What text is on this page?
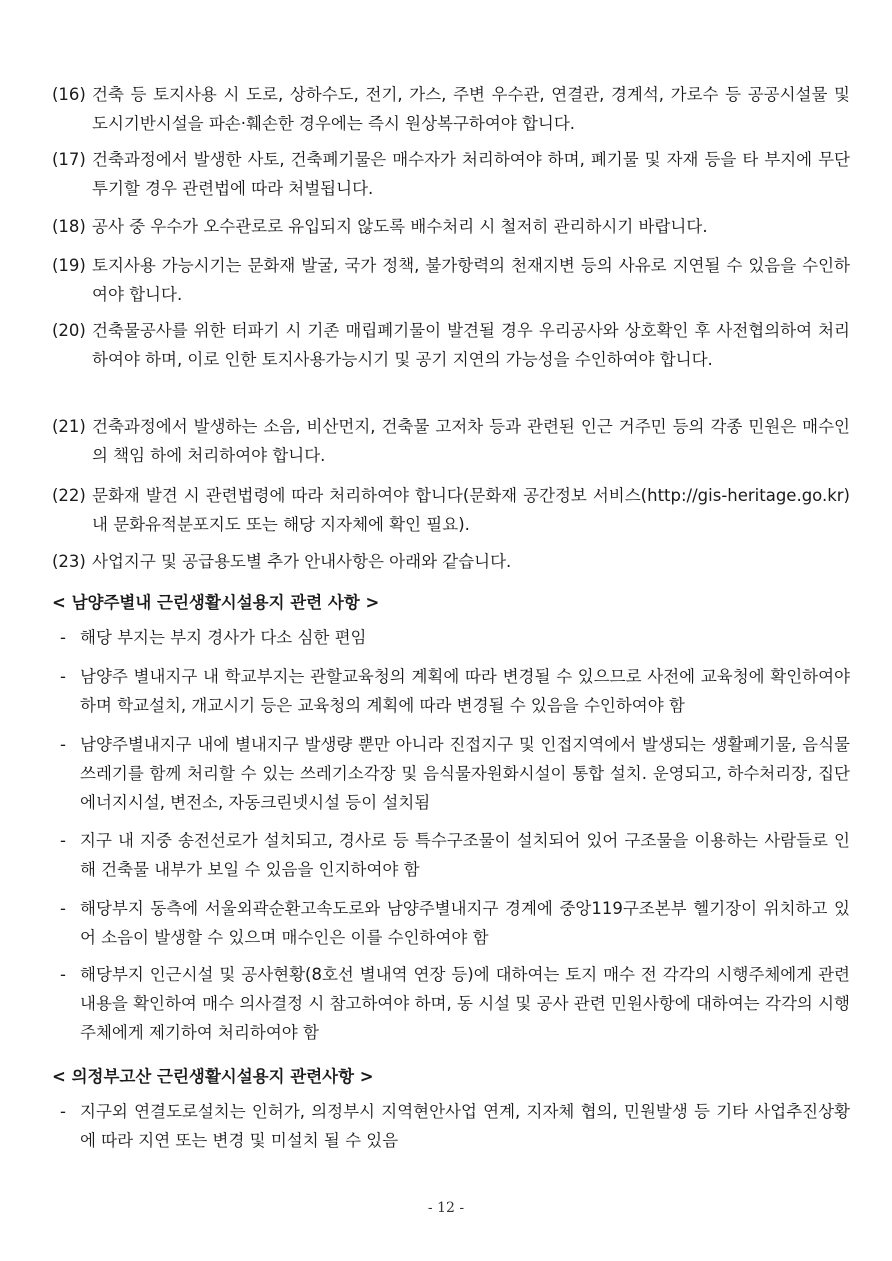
(16) 건축 등 토지사용 시 도로, 상하수도, 전기, 가스, 주변 우수관, 연결관, 경계석, 가로수 등 공공시설물 및 도시기반시설을 파손·훼손한 경우에는 즉시 원상복구하여야 합니다.
(17) 건축과정에서 발생한 사토, 건축폐기물은 매수자가 처리하여야 하며, 폐기물 및 자재 등을 타 부지에 무단투기할 경우 관련법에 따라 처벌됩니다.
(18) 공사 중 우수가 오수관로로 유입되지 않도록 배수처리 시 철저히 관리하시기 바랍니다.
(19) 토지사용 가능시기는 문화재 발굴, 국가 정책, 불가항력의 천재지변 등의 사유로 지연될 수 있음을 수인하여야 합니다.
(20) 건축물공사를 위한 터파기 시 기존 매립폐기물이 발견될 경우 우리공사와 상호확인 후 사전협의하여 처리하여야 하며, 이로 인한 토지사용가능시기 및 공기 지연의 가능성을 수인하여야 합니다.
(21) 건축과정에서 발생하는 소음, 비산먼지, 건축물 고저차 등과 관련된 인근 거주민 등의 각종 민원은 매수인의 책임 하에 처리하여야 합니다.
(22) 문화재 발견 시 관련법령에 따라 처리하여야 합니다(문화재 공간정보 서비스(http://gis-heritage.go.kr) 내 문화유적분포지도 또는 해당 지자체에 확인 필요).
(23) 사업지구 및 공급용도별 추가 안내사항은 아래와 같습니다.
< 남양주별내 근린생활시설용지 관련 사항 >
- 해당 부지는 부지 경사가 다소 심한 편임
- 남양주 별내지구 내 학교부지는 관할교육청의 계획에 따라 변경될 수 있으므로 사전에 교육청에 확인하여야 하며 학교설치, 개교시기 등은 교육청의 계획에 따라 변경될 수 있음을 수인하여야 함
- 남양주별내지구 내에 별내지구 발생량 뿐만 아니라 진접지구 및 인접지역에서 발생되는 생활폐기물, 음식물쓰레기를 함께 처리할 수 있는 쓰레기소각장 및 음식물자원화시설이 통합 설치. 운영되고, 하수처리장, 집단에너지시설, 변전소, 자동크린넷시설 등이 설치됨
- 지구 내 지중 송전선로가 설치되고, 경사로 등 특수구조물이 설치되어 있어 구조물을 이용하는 사람들로 인해 건축물 내부가 보일 수 있음을 인지하여야 함
- 해당부지 동측에 서울외곽순환고속도로와 남양주별내지구 경계에 중앙119구조본부 헬기장이 위치하고 있어 소음이 발생할 수 있으며 매수인은 이를 수인하여야 함
- 해당부지 인근시설 및 공사현황(8호선 별내역 연장 등)에 대하여는 토지 매수 전 각각의 시행주체에게 관련내용을 확인하여 매수 의사결정 시 참고하여야 하며, 동 시설 및 공사 관련 민원사항에 대하여는 각각의 시행주체에게 제기하여 처리하여야 함
< 의정부고산 근린생활시설용지 관련사항 >
- 지구외 연결도로설치는 인허가, 의정부시 지역현안사업 연계, 지자체 협의, 민원발생 등 기타 사업추진상황에 따라 지연 또는 변경 및 미설치 될 수 있음
- 12 -
